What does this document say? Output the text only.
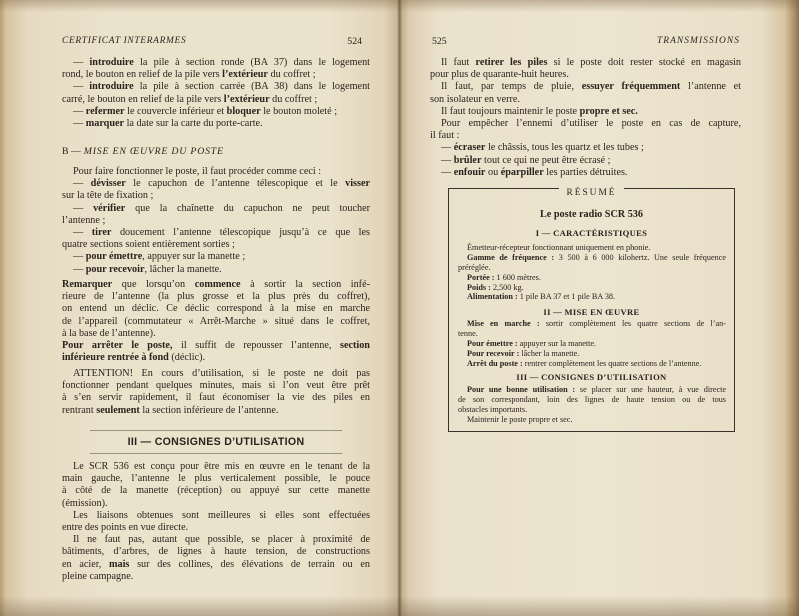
CERTIFICAT INTERARMES	524
— introduire la pile à section ronde (BA 37) dans le logement
rond, le bouton en relief de la pile vers l’extérieur du coffret ;
— introduire la pile à section carrée (BA 38) dans le logement
carré, le bouton en relief de la pile vers l’extérieur du coffret ;
— refermer le couvercle inférieur et bloquer le bouton moleté ;
— marquer la date sur la carte du porte-carte.
B — MISE EN ŒUVRE DU POSTE
Pour faire fonctionner le poste, il faut procéder comme ceci :
— dévisser le capuchon de l’antenne télescopique et le visser
sur la tête de fixation ;
— vérifier que la chaînette du capuchon ne peut toucher
l’antenne ;
— tirer doucement l’antenne télescopique jusqu’à ce que les
quatre sections soient entièrement sorties ;
— pour émettre, appuyer sur la manette ;
— pour recevoir, lâcher la manette.
Remarquer que lorsqu’on commence à sortir la section infé-
rieure de l’antenne (la plus grosse et la plus près du coffret),
on entend un déclic. Ce déclic correspond à la mise en marche
de l’appareil (commutateur « Arrêt-Marche » situé dans le coffret,
à la base de l’antenne).
Pour arrêter le poste, il suffit de repousser l’antenne, section
inférieure rentrée à fond (déclic).
ATTENTION! En cours d’utilisation, si le poste ne doit pas
fonctionner pendant quelques minutes, mais si l’on veut être prêt
à s’en servir rapidement, il faut économiser la vie des piles en
rentrant seulement la section inférieure de l’antenne.
III — CONSIGNES D’UTILISATION
Le SCR 536 est conçu pour être mis en œuvre en le tenant de la
main gauche, l’antenne le plus verticalement possible, le pouce
à côté de la manette (réception) ou appuyé sur cette manette
(émission).
Les liaisons obtenues sont meilleures si elles sont effectuées
entre des points en vue directe.
Il ne faut pas, autant que possible, se placer à proximité de
bâtiments, d’arbres, de lignes à haute tension, de constructions
en acier, mais sur des collines, des élévations de terrain ou en
pleine campagne.
525	TRANSMISSIONS
Il faut retirer les piles si le poste doit rester stocké en magasin
pour plus de quarante-huit heures.
Il faut, par temps de pluie, essuyer fréquemment l’antenne et
son isolateur en verre.
Il faut toujours maintenir le poste propre et sec.
Pour empêcher l’ennemi d’utiliser le poste en cas de capture,
il faut :
— écraser le châssis, tous les quartz et les tubes ;
— brûler tout ce qui ne peut être écrasé ;
— enfouir ou éparpiller les parties détruites.
RÉSUMÉ
Le poste radio SCR 536
I — CARACTÉRISTIQUES
Émetteur-récepteur fonctionnant uniquement en phonie.
Gamme de fréquence : 3 500 à 6 000 kilohertz. Une seule fréquence
préréglée.
Portée : 1 600 mètres.
Poids : 2,500 kg.
Alimentation : 1 pile BA 37 et 1 pile BA 38.
II — MISE EN ŒUVRE
Mise en marche : sortir complètement les quatre sections de l’an-
tenne.
Pour émettre : appuyer sur la manette.
Pour recevoir : lâcher la manette.
Arrêt du poste : rentrer complètement les quatre sections de l’antenne.
III — CONSIGNES D’UTILISATION
Pour une bonne utilisation : se placer sur une hauteur, à vue directe
de son correspondant, loin des lignes de haute tension ou de tous
obstacles importants.
Maintenir le poste propre et sec.
